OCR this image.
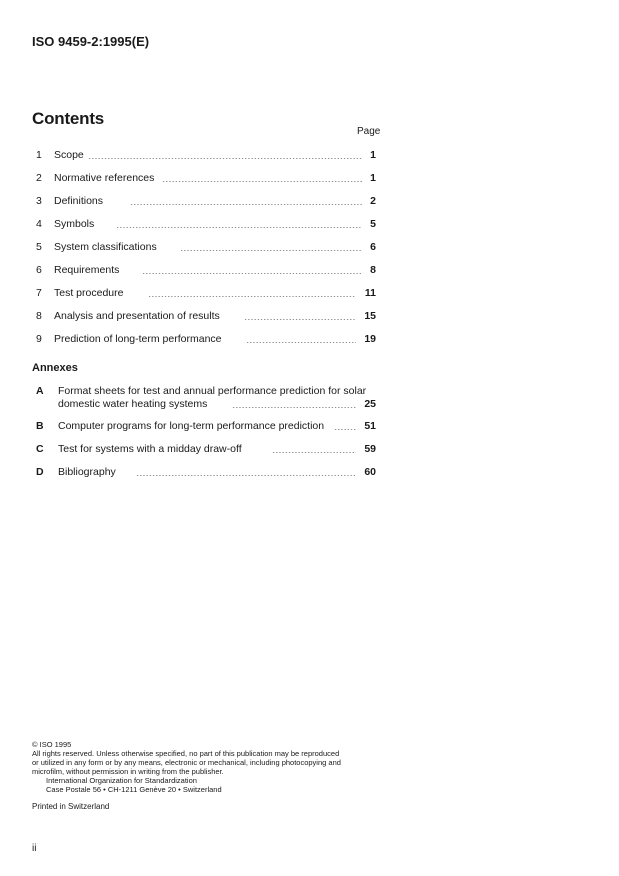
ISO 9459-2:1995(E)
Contents
Page
1 Scope	1
2 Normative references	1
3 Definitions	2
4 Symbols	5
5 System classifications	6
6 Requirements	8
7 Test procedure	11
8 Analysis and presentation of results	15
9 Prediction of long-term performance	19
Annexes
A Format sheets for test and annual performance prediction for solar
domestic water heating systems	25
B Computer programs for long-term performance prediction	51
C Test for systems with a midday draw-off	59
D Bibliography	60
© ISO 1995
All rights reserved. Unless otherwise specified, no part of this publication may be reproduced
or utilized in any form or by any means, electronic or mechanical, including photocopying and
microfilm, without permission in writing from the publisher.
International Organization for Standardization
Case Postale 56 • CH-1211 Genève 20 • Switzerland
Printed in Switzerland
ii
